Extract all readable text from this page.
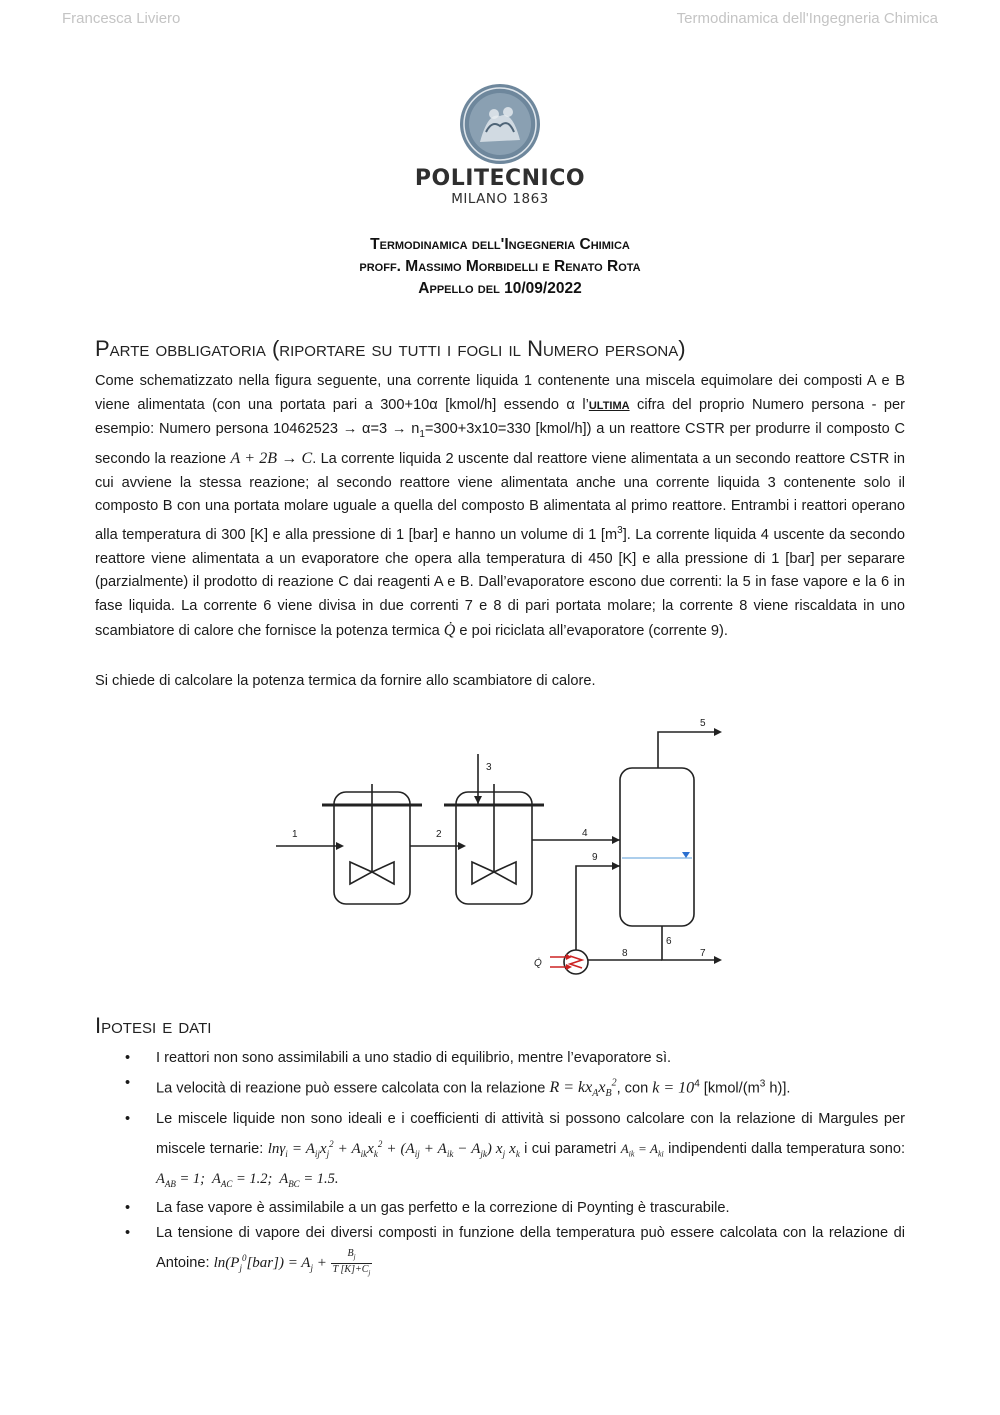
Francesca Liviero	Termodinamica dell'Ingegneria Chimica
POLITECNICO
MILANO 1863
Termodinamica dell'Ingegneria Chimica
proff. Massimo Morbidelli e Renato Rota
Appello del 10/09/2022
Parte obbligatoria (riportare su tutti i fogli il Numero persona)

Come schematizzato nella figura seguente, una corrente liquida 1 contenente una miscela equimolare dei composti A e B viene alimentata (con una portata pari a 300+10α [kmol/h] essendo α l’ULTIMA cifra del proprio Numero persona - per esempio: Numero persona $10462523 \to \alpha=3 \to n_1=300+3x10=330$ [kmol/h]) a un reattore CSTR per produrre il composto C secondo la reazione A + 2B → C. La corrente liquida 2 uscente dal reattore viene alimentata a un secondo reattore CSTR in cui avviene la stessa reazione; al secondo reattore viene alimentata anche una corrente liquida 3 contenente solo il composto B con una portata molare uguale a quella del composto B alimentata al primo reattore. Entrambi i reattori operano alla temperatura di 300 [K] e alla pressione di 1 [bar] e hanno un volume di 1 $[m^3]$. La corrente liquida 4 uscente da secondo reattore viene alimentata a un evaporatore che opera alla temperatura di 450 [K] e alla pressione di 1 [bar] per separare (parzialmente) il prodotto di reazione C dai reagenti A e B. Dall’evaporatore escono due correnti: la 5 in fase vapore e la 6 in fase liquida. La corrente 6 viene divisa in due correnti 7 e 8 di pari portata molare; la corrente 8 viene riscaldata in uno scambiatore di calore che fornisce la potenza termica Q̇ e poi riciclata all’evaporatore (corrente 9).

Si chiede di calcolare la potenza termica da fornire allo scambiatore di calore.
1	2
3
4
5
6
7
8
9
Q̇
Ipotesi e dati
• I reattori non sono assimilabili a uno stadio di equilibrio, mentre l’evaporatore sì.
• La velocità di reazione può essere calcolata con la relazione $R = kx_Ax_B^2$, con $k = 10^4$ [$kmol/(m^3$ h)].
• Le miscele liquide non sono ideali e i coefficienti di attività si possono calcolare con la relazione di Margules per miscele ternarie: $\ln\gamma_i = A_{ij}x_j^2 + A_{ik}x_k^2 + (A_{ij} + A_{ik} - A_{jk})$ $x_j$ $x_k$ i cui parametri $A_{ik} = A_{ki}$ indipendenti dalla temperatura sono: $A_{AB} = 1$;  $A_{AC} = 1.2$;  $A_{BC} = 1.5$.
• La fase vapore è assimilabile a un gas perfetto e la correzione di Poynting è trascurabile.
• La tensione di vapore dei diversi composti in funzione della temperatura può essere calcolata con la relazione di Antoine: $\ln(P_j^0[bar]) = A_j + \frac{B_j}{T [K]+C_j}$
